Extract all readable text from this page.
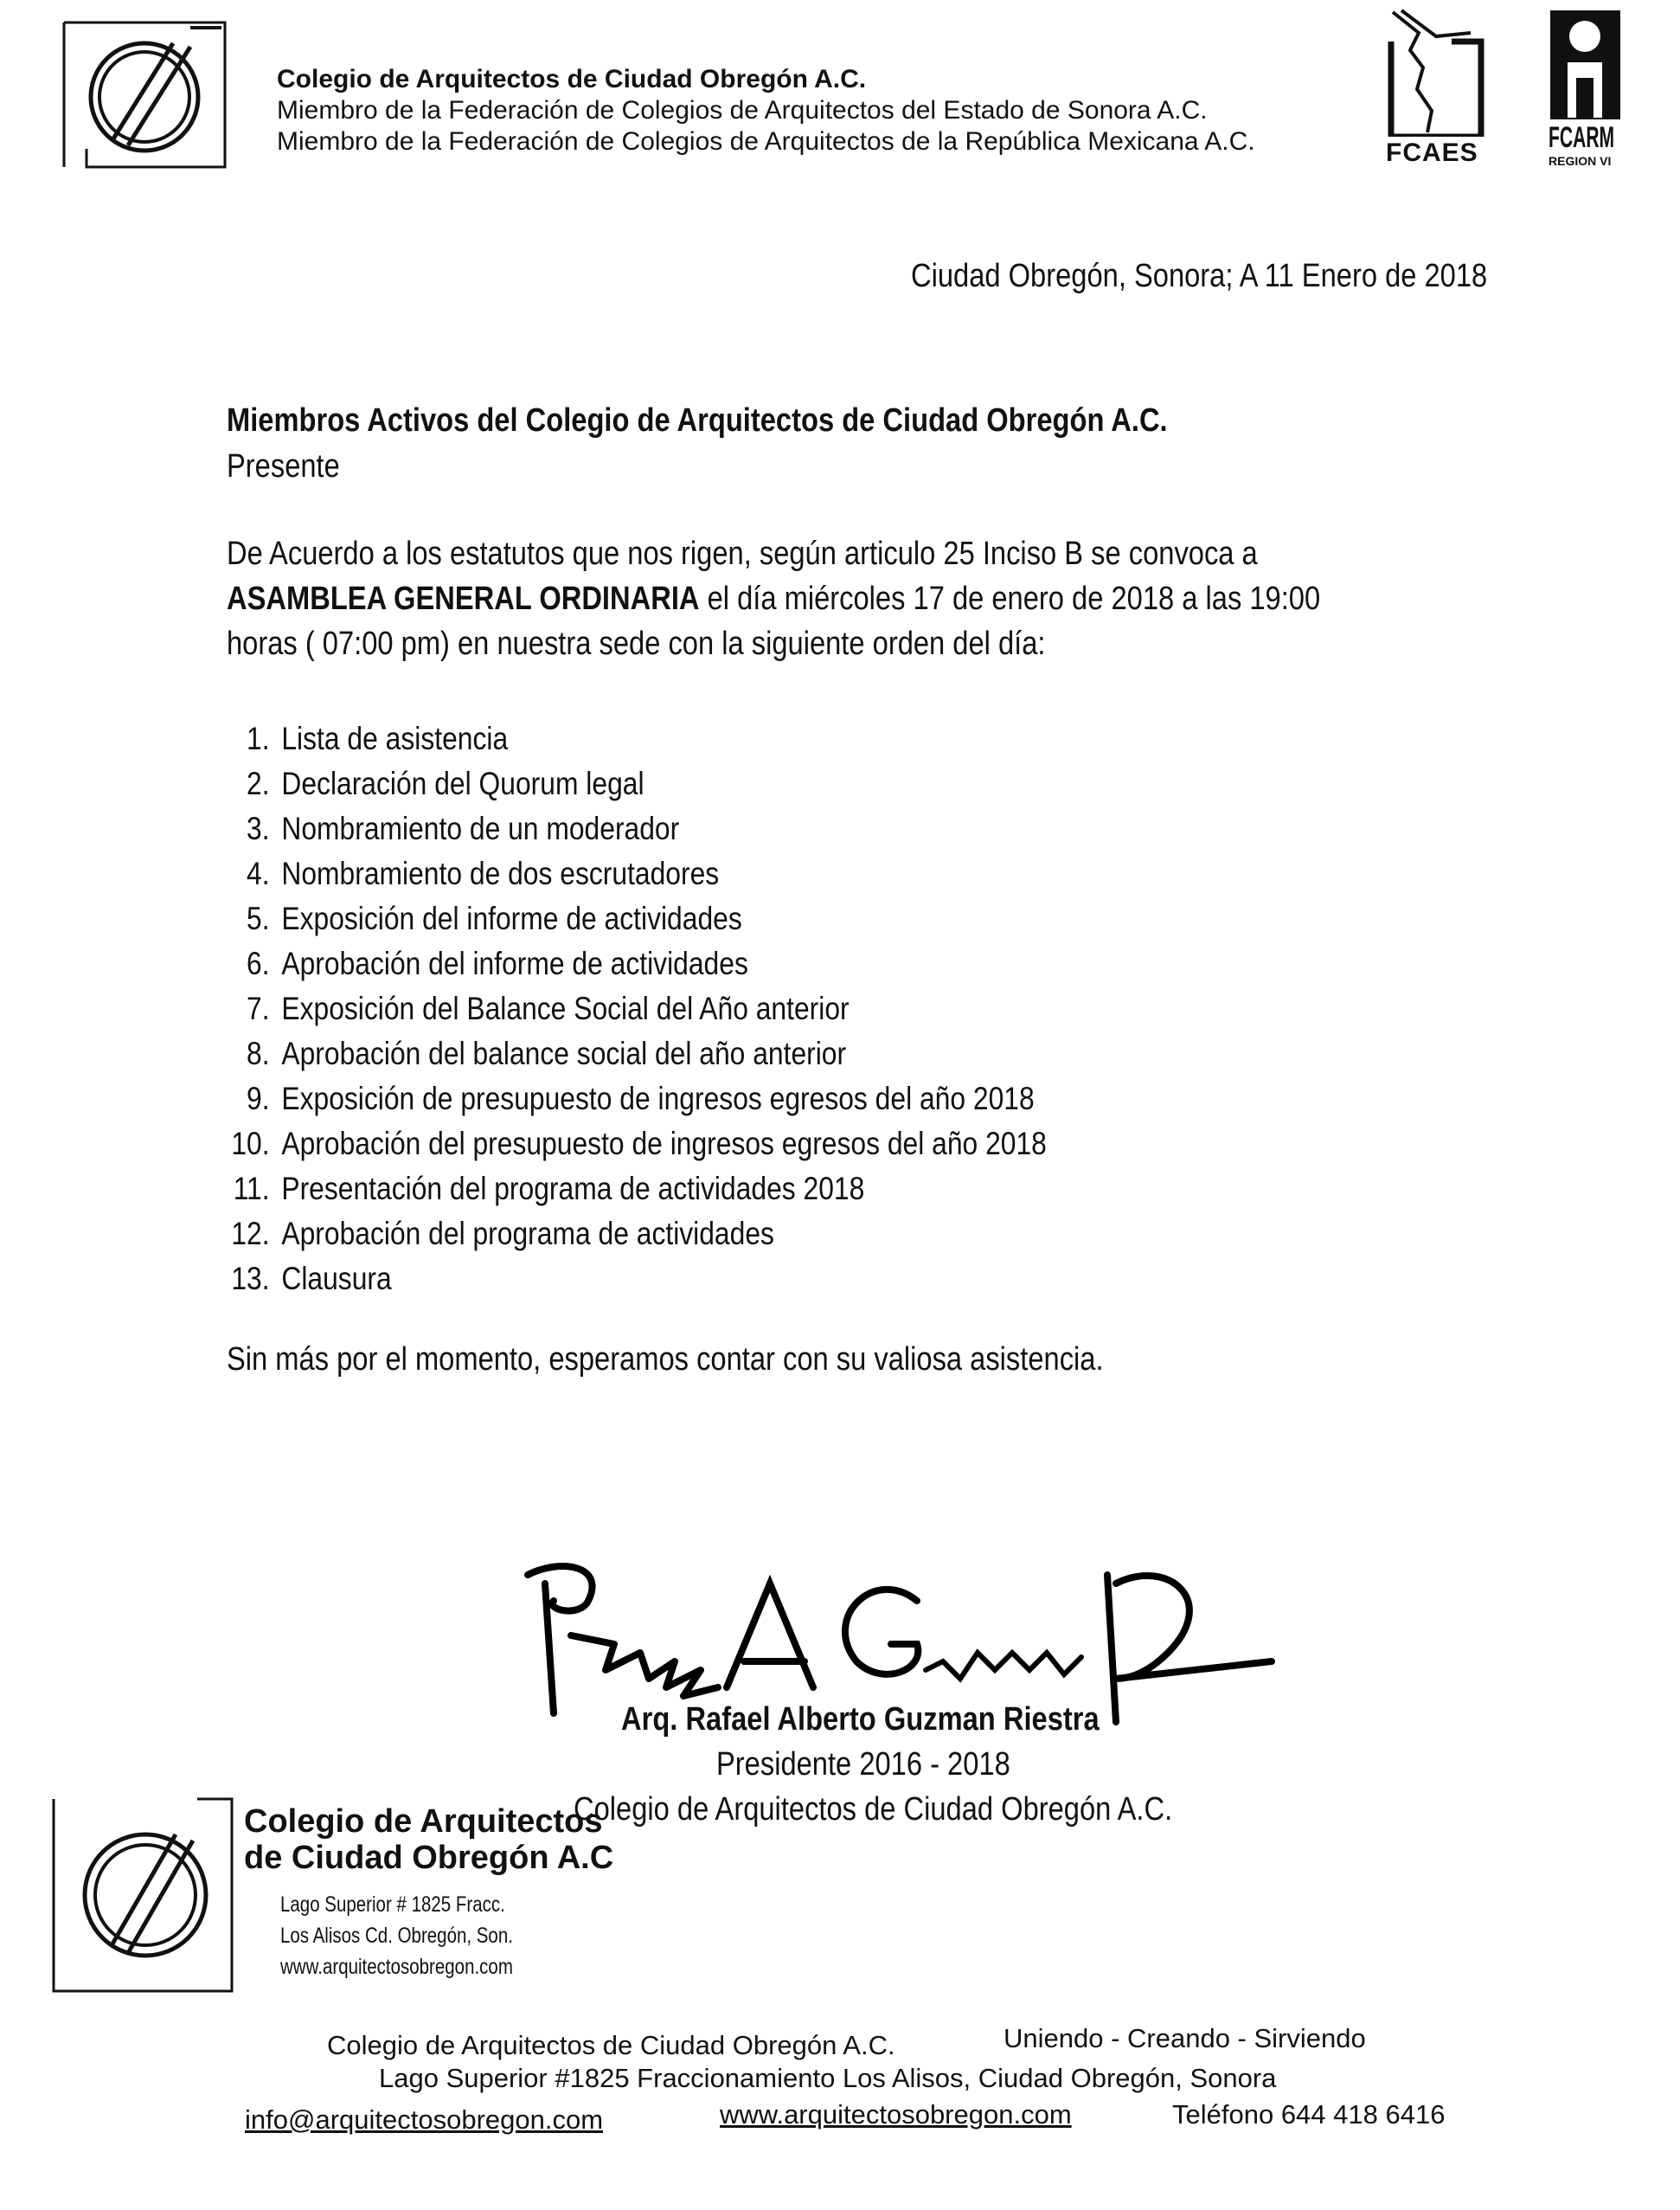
Colegio de Arquitectos de Ciudad Obregón A.C.
Miembro de la Federación de Colegios de Arquitectos del Estado de Sonora A.C.
Miembro de la Federación de Colegios de Arquitectos de la República Mexicana A.C.	FCAES FCARM
REGION VI
Ciudad Obregón, Sonora; A 11 Enero de 2018
Miembros Activos del Colegio de Arquitectos de Ciudad Obregón A.C.
Presente
De Acuerdo a los estatutos que nos rigen, según articulo 25 Inciso B se convoca a ASAMBLEA GENERAL ORDINARIA el día miércoles 17 de enero de 2018 a las 19:00 horas ( 07:00 pm) en nuestra sede con la siguiente orden del día:
1. Lista de asistencia
2. Declaración del Quorum legal
3. Nombramiento de un moderador
4. Nombramiento de dos escrutadores
5. Exposición del informe de actividades
6. Aprobación del informe de actividades
7. Exposición del Balance Social del Año anterior
8. Aprobación del balance social del año anterior
9. Exposición de presupuesto de ingresos egresos del año 2018
10. Aprobación del presupuesto de ingresos egresos del año 2018
11. Presentación del programa de actividades 2018
12. Aprobación del programa de actividades
13. Clausura
Sin más por el momento, esperamos contar con su valiosa asistencia.
Arq. Rafael Alberto Guzman Riestra
Presidente 2016 - 2018
Colegio de Arquitectos de Ciudad Obregón A.C.
Colegio de Arquitectos
de Ciudad Obregón A.C
Lago Superior # 1825 Fracc.
Los Alisos Cd. Obregón, Son.
www.arquitectosobregon.com
Colegio de Arquitectos de Ciudad Obregón A.C.	Uniendo - Creando - Sirviendo
Lago Superior #1825 Fraccionamiento Los Alisos, Ciudad Obregón, Sonora
info@arquitectosobregon.com	www.arquitectosobregon.com	Teléfono 644 418 6416
